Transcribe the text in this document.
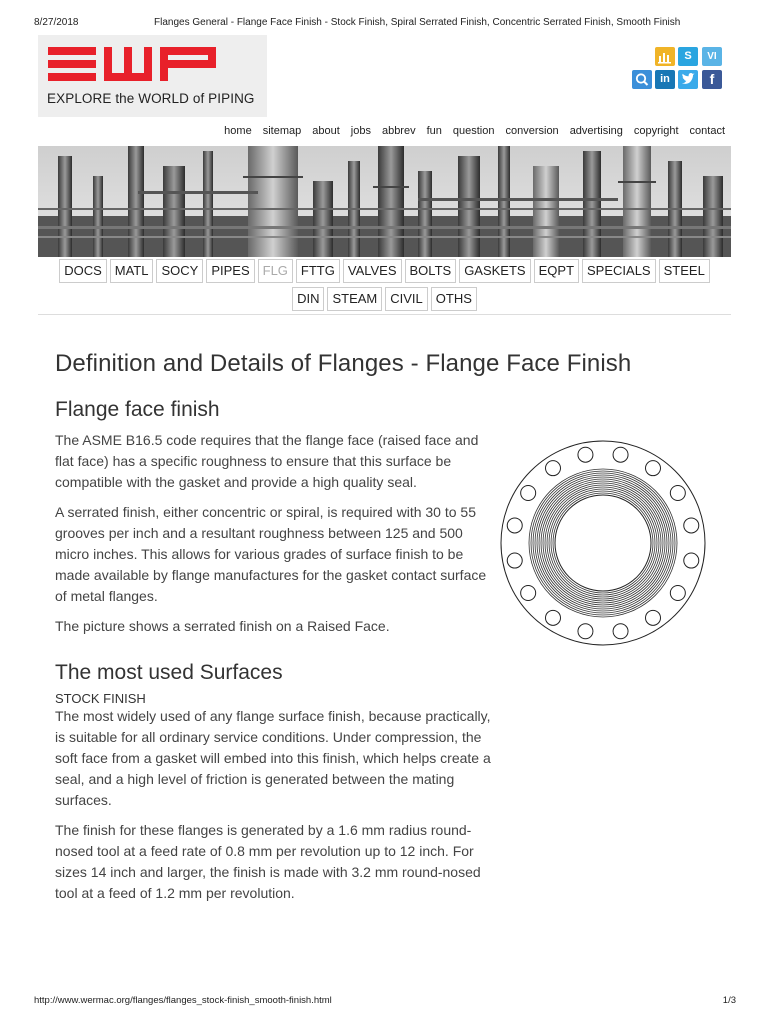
8/27/2018	Flanges General - Flange Face Finish - Stock Finish, Spiral Serrated Finish, Concentric Serrated Finish, Smooth Finish
EXPLORE the WORLD of PIPING
S	VI
in	f
home sitemap about jobs abbrev fun question conversion advertising copyright contact
DOCS	MATL	SOCY	PIPES	FLG	FTTG	VALVES	BOLTS	GASKETS	EQPT	SPECIALS	STEEL
DIN	STEAM	CIVIL	OTHS
Definition and Details of Flanges - Flange Face Finish
Flange face finish

The ASME B16.5 code requires that the flange face (raised face and flat face) has a specific roughness to ensure that this surface be compatible with the gasket and provide a high quality seal.

A serrated finish, either concentric or spiral, is required with 30 to 55 grooves per inch and a resultant roughness between 125 and 500 micro inches. This allows for various grades of surface finish to be made available by flange manufactures for the gasket contact surface of metal flanges.

The picture shows a serrated finish on a Raised Face.

The most used Surfaces
STOCK FINISH

The most widely used of any flange surface finish, because practically, is suitable for all ordinary service conditions. Under compression, the soft face from a gasket will embed into this finish, which helps create a seal, and a high level of friction is generated between the mating surfaces.

The finish for these flanges is generated by a 1.6 mm radius round-nosed tool at a feed rate of 0.8 mm per revolution up to 12 inch. For sizes 14 inch and larger, the finish is made with 3.2 mm round-nosed tool at a feed of 1.2 mm per revolution.

http://www.wermac.org/flanges/flanges_stock-finish_smooth-finish.html	1/3
